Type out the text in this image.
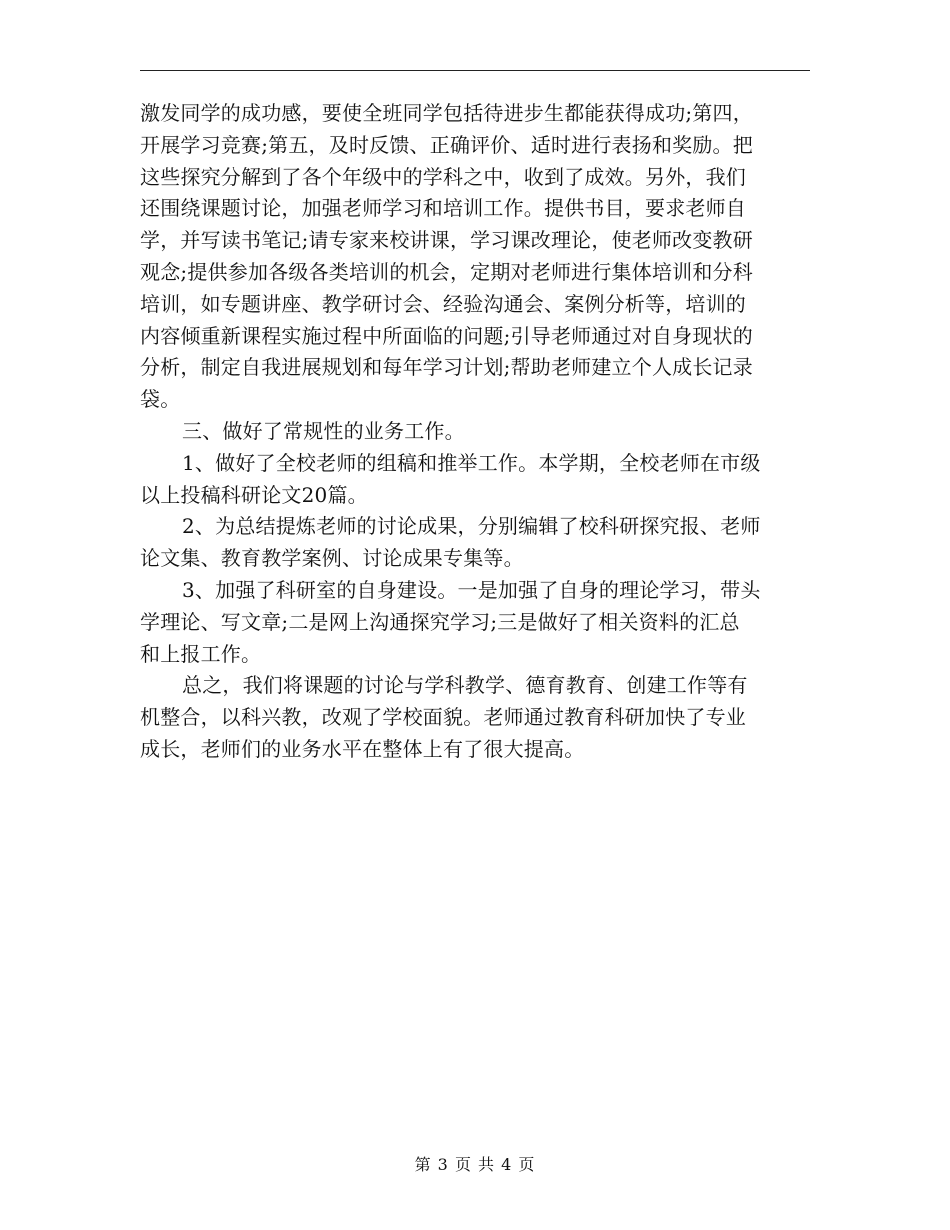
激发同学的成功感，要使全班同学包括待进步生都能获得成功;第四，
开展学习竞赛;第五，及时反馈、正确评价、适时进行表扬和奖励。把
这些探究分解到了各个年级中的学科之中，收到了成效。另外，我们
还围绕课题讨论，加强老师学习和培训工作。提供书目，要求老师自
学，并写读书笔记;请专家来校讲课，学习课改理论，使老师改变教研
观念;提供参加各级各类培训的机会，定期对老师进行集体培训和分科
培训，如专题讲座、教学研讨会、经验沟通会、案例分析等，培训的
内容倾重新课程实施过程中所面临的问题;引导老师通过对自身现状的
分析，制定自我进展规划和每年学习计划;帮助老师建立个人成长记录
袋。
三、做好了常规性的业务工作。
1、做好了全校老师的组稿和推举工作。本学期，全校老师在市级
以上投稿科研论文20篇。
2、为总结提炼老师的讨论成果，分别编辑了校科研探究报、老师
论文集、教育教学案例、讨论成果专集等。
3、加强了科研室的自身建设。一是加强了自身的理论学习，带头
学理论、写文章;二是网上沟通探究学习;三是做好了相关资料的汇总
和上报工作。
总之，我们将课题的讨论与学科教学、德育教育、创建工作等有
机整合，以科兴教，改观了学校面貌。老师通过教育科研加快了专业
成长，老师们的业务水平在整体上有了很大提高。
第 3 页 共 4 页
